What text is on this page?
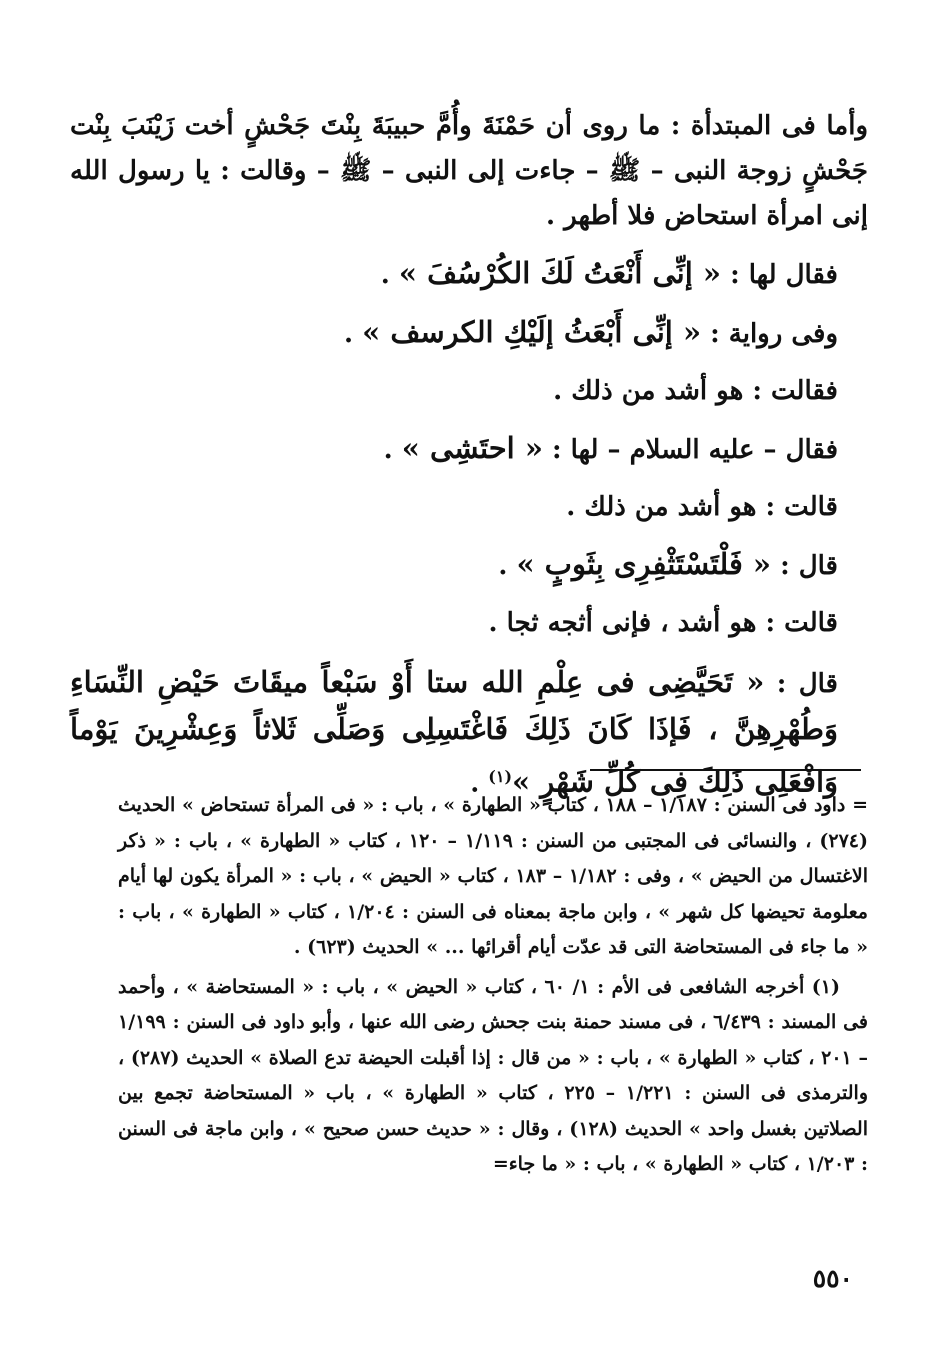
وأما فى المبتدأة : ما روى أن حَمْنَةَ وأُمَّ حبيبَةَ بِنْتَ جَحْشٍ أخت زَيْنَبَ بِنْت جَحْشٍ زوجة النبى – ﷺ – جاءت إلى النبى – ﷺ – وقالت : يا رسول الله إنى امرأة استحاض فلا أطهر .

فقال لها : « إنِّى أَنْعَتُ لَكَ الكُرْسُفَ » .

وفى رواية : « إنِّى أَبْعَثُ إلَيْكِ الكرسف » .

فقالت : هو أشد من ذلك .

فقال – عليه السلام – لها : « احتَشِى » .

قالت : هو أشد من ذلك .

قال : « فَلْتَسْتَثْفِرِى بِثَوبٍ » .

قالت : هو أشد ، فإنى أثجه ثجا .

قال : « تَحَيَّضِى فى عِلْمِ الله ستا أَوْ سَبْعاً ميقَاتَ حَيْضِ النِّسَاءِ وَطُهْرِهِنَّ ، فَإذَا كَانَ ذَلِكَ فَاغْتَسِلِى وَصَلِّى ثَلاثاً وَعِشْرِينَ يَوْماً وَافْعَلِى ذَلِكَ فِى كُلِّ شَهْرٍ »$^{(١)}$ .

= داود فى السنن : ١/١٨٧ – ١٨٨ ، كتاب « الطهارة » ، باب : « فى المرأة تستحاض » الحديث (٢٧٤) ، والنسائى فى المجتبى من السنن : ١/١١٩ – ١٢٠ ، كتاب « الطهارة » ، باب : « ذكر الاغتسال من الحيض » ، وفى : ١/١٨٢ – ١٨٣ ، كتاب « الحيض » ، باب : « المرأة يكون لها أيام معلومة تحيضها كل شهر » ، وابن ماجة بمعناه فى السنن : ١/٢٠٤ ، كتاب « الطهارة » ، باب : « ما جاء فى المستحاضة التى قد عدّت أيام أقرائها ... » الحديث (٦٢٣) .

(١) أخرجه الشافعى فى الأم : ١/ ٦٠ ، كتاب « الحيض » ، باب : « المستحاضة » ، وأحمد فى المسند : ٦/٤٣٩ ، فى مسند حمنة بنت جحش رضى الله عنها ، وأبو داود فى السنن : ١/١٩٩ – ٢٠١ ، كتاب « الطهارة » ، باب : « من قال : إذا أقبلت الحيضة تدع الصلاة » الحديث (٢٨٧) ، والترمذى فى السنن : ١/٢٢١ – ٢٢٥ ، كتاب « الطهارة » ، باب « المستحاضة تجمع بين الصلاتين بغسل واحد » الحديث (١٢٨) ، وقال : « حديث حسن صحيح » ، وابن ماجة فى السنن : ١/٢٠٣ ، كتاب « الطهارة » ، باب : « ما جاء=

٥٥٠
